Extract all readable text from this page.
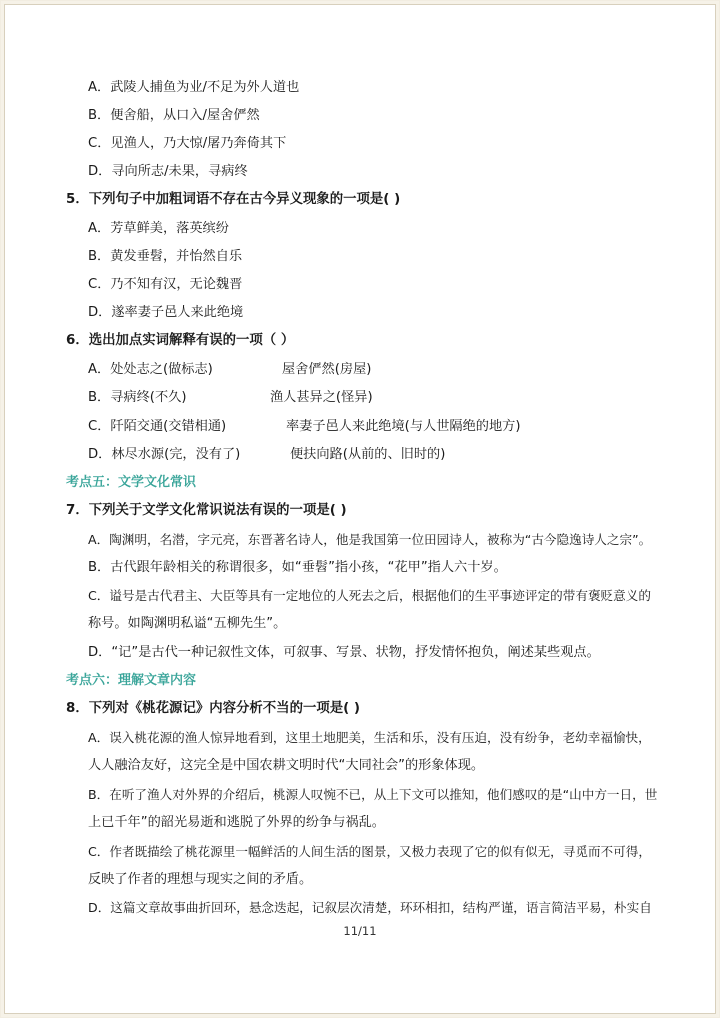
A．武陵人捕鱼为业/不足为外人道也
B．便舍船，从口入/屋舍俨然
C．见渔人，乃大惊/屠乃奔倚其下
D．寻向所志/未果，寻病终
5．下列句子中加粗词语不存在古今异义现象的一项是( )
A．芳草鲜美，落英缤纷
B．黄发垂髫，并怡然自乐
C．乃不知有汉，无论魏晋
D．遂率妻子邑人来此绝境
6．选出加点实词解释有误的一项（ ）
A．处处志之(做标志)	屋舍俨然(房屋)
B．寻病终(不久)	渔人甚异之(怪异)
C．阡陌交通(交错相通)	率妻子邑人来此绝境(与人世隔绝的地方)
D．林尽水源(完，没有了)	便扶向路(从前的、旧时的)
考点五：文学文化常识
7．下列关于文学文化常识说法有误的一项是( )
A．陶渊明，名潜，字元亮，东晋著名诗人，他是我国第一位田园诗人，被称为“古今隐逸诗人之宗”。
B．古代跟年龄相关的称谓很多，如“垂髫”指小孩，“花甲”指人六十岁。
C．谥号是古代君主、大臣等具有一定地位的人死去之后，根据他们的生平事迹评定的带有褒贬意义的
称号。如陶渊明私谥“五柳先生”。
D．“记”是古代一种记叙性文体，可叙事、写景、状物，抒发情怀抱负，阐述某些观点。
考点六：理解文章内容
8．下列对《桃花源记》内容分析不当的一项是( )
A．误入桃花源的渔人惊异地看到，这里土地肥美，生活和乐，没有压迫，没有纷争，老幼幸福愉快，
人人融洽友好，这完全是中国农耕文明时代“大同社会”的形象体现。
B．在听了渔人对外界的介绍后，桃源人叹惋不已，从上下文可以推知，他们感叹的是“山中方一日，世
上已千年”的韶光易逝和逃脱了外界的纷争与祸乱。
C．作者既描绘了桃花源里一幅鲜活的人间生活的图景，又极力表现了它的似有似无，寻觅而不可得，
反映了作者的理想与现实之间的矛盾。
D．这篇文章故事曲折回环，悬念迭起，记叙层次清楚，环环相扣，结构严谨，语言简洁平易，朴实自
11/11
